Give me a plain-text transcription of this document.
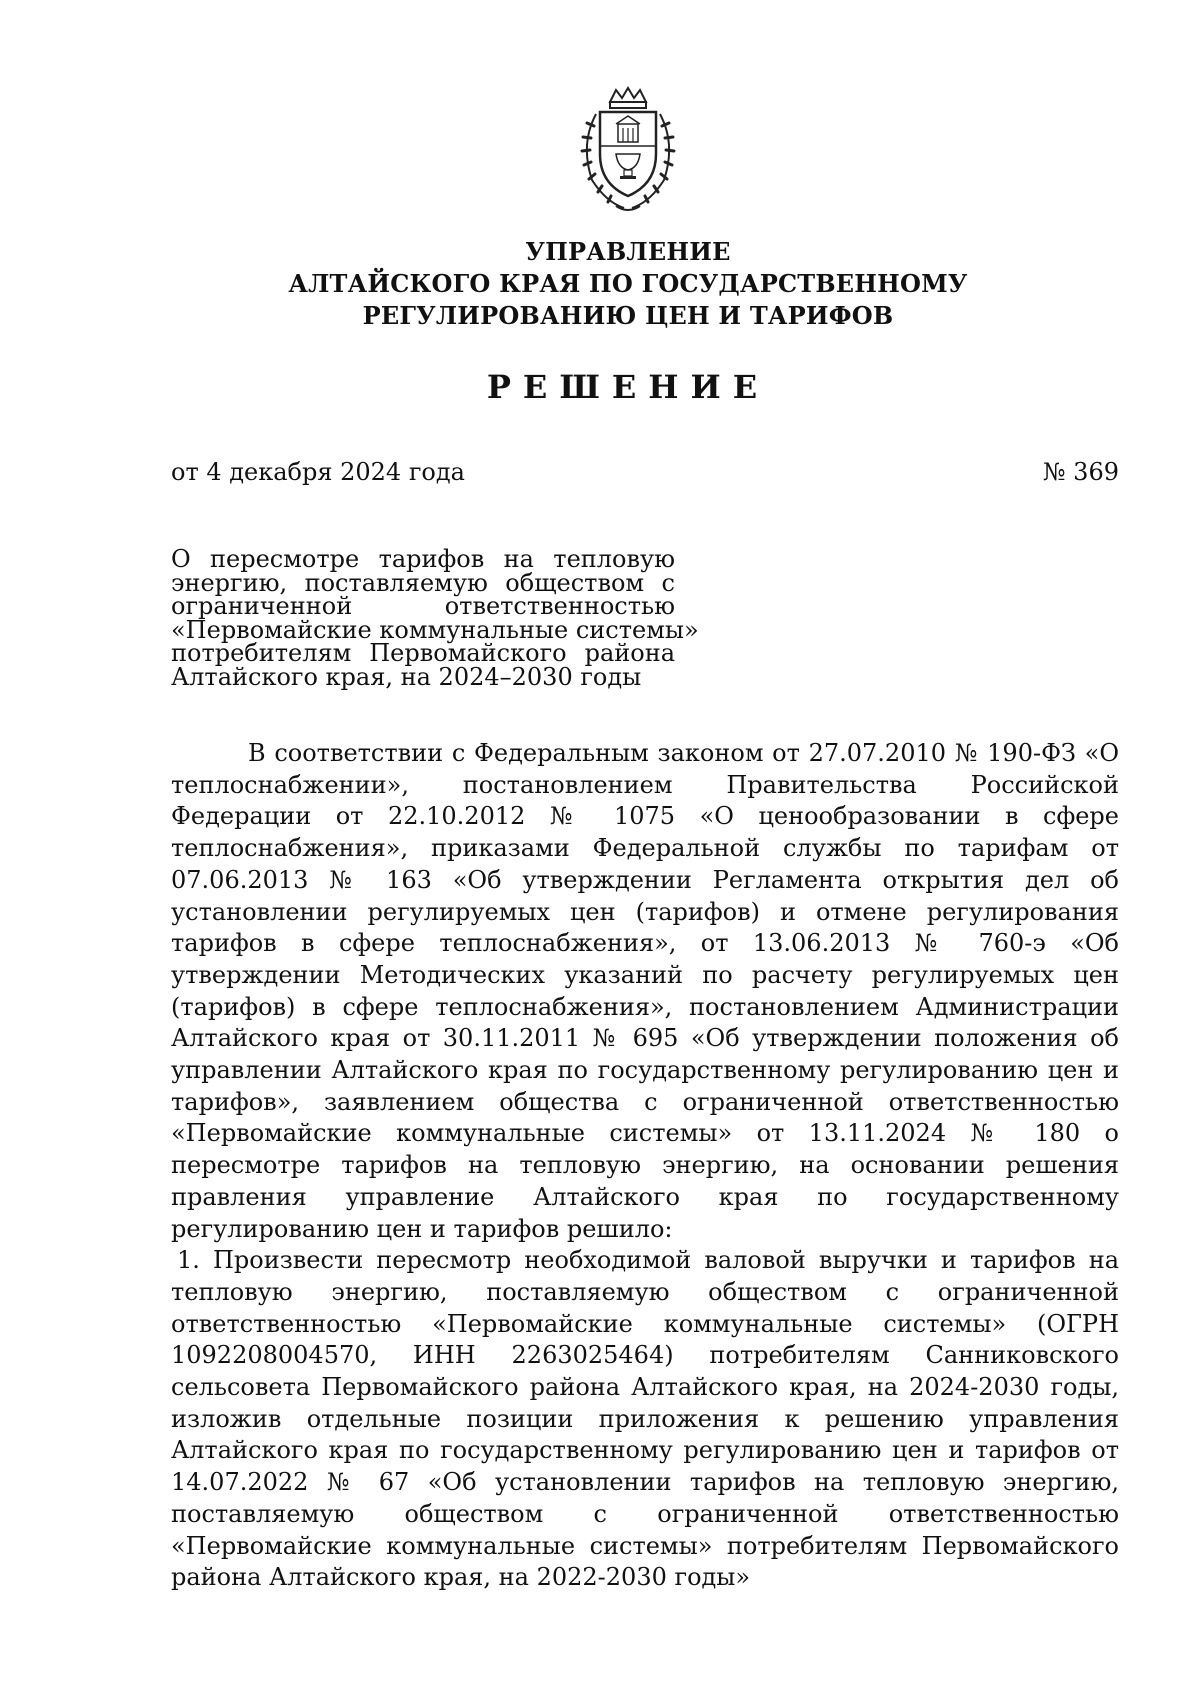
УПРАВЛЕНИЕ
АЛТАЙСКОГО КРАЯ ПО ГОСУДАРСТВЕННОМУ
РЕГУЛИРОВАНИЮ ЦЕН И ТАРИФОВ
РЕШЕНИЕ
от 4 декабря 2024 года	№ 369
О пересмотре тарифов на тепловую
энергию, поставляемую обществом с
ограниченной ответственностью
«Первомайские коммунальные системы»
потребителям Первомайского района
Алтайского края, на 2024–2030 годы

В соответствии с Федеральным законом от 27.07.2010 № 190-ФЗ «О теплоснабжении», постановлением Правительства Российской Федерации от 22.10.2012 № 1075 «О ценообразовании в сфере теплоснабжения», приказами Федеральной службы по тарифам от 07.06.2013 № 163 «Об утверждении Регламента открытия дел об установлении регулируемых цен (тарифов) и отмене регулирования тарифов в сфере теплоснабжения», от 13.06.2013 № 760-э «Об утверждении Методических указаний по расчету регулируемых цен (тарифов) в сфере теплоснабжения», постановлением Администрации Алтайского края от 30.11.2011 № 695 «Об утверждении положения об управлении Алтайского края по государственному регулированию цен и тарифов», заявлением общества с ограниченной ответственностью «Первомайские коммунальные системы» от 13.11.2024 № 180 о пересмотре тарифов на тепловую энергию, на основании решения правления управление Алтайского края по государственному регулированию цен и тарифов решило:

1. Произвести пересмотр необходимой валовой выручки и тарифов на тепловую энергию, поставляемую обществом с ограниченной ответственностью «Первомайские коммунальные системы» (ОГРН 1092208004570, ИНН 2263025464) потребителям Санниковского сельсовета Первомайского района Алтайского края, на 2024-2030 годы, изложив отдельные позиции приложения к решению управления Алтайского края по государственному регулированию цен и тарифов от 14.07.2022 № 67 «Об установлении тарифов на тепловую энергию, поставляемую обществом с ограниченной ответственностью «Первомайские коммунальные системы» потребителям Первомайского района Алтайского края, на 2022-2030 годы»
